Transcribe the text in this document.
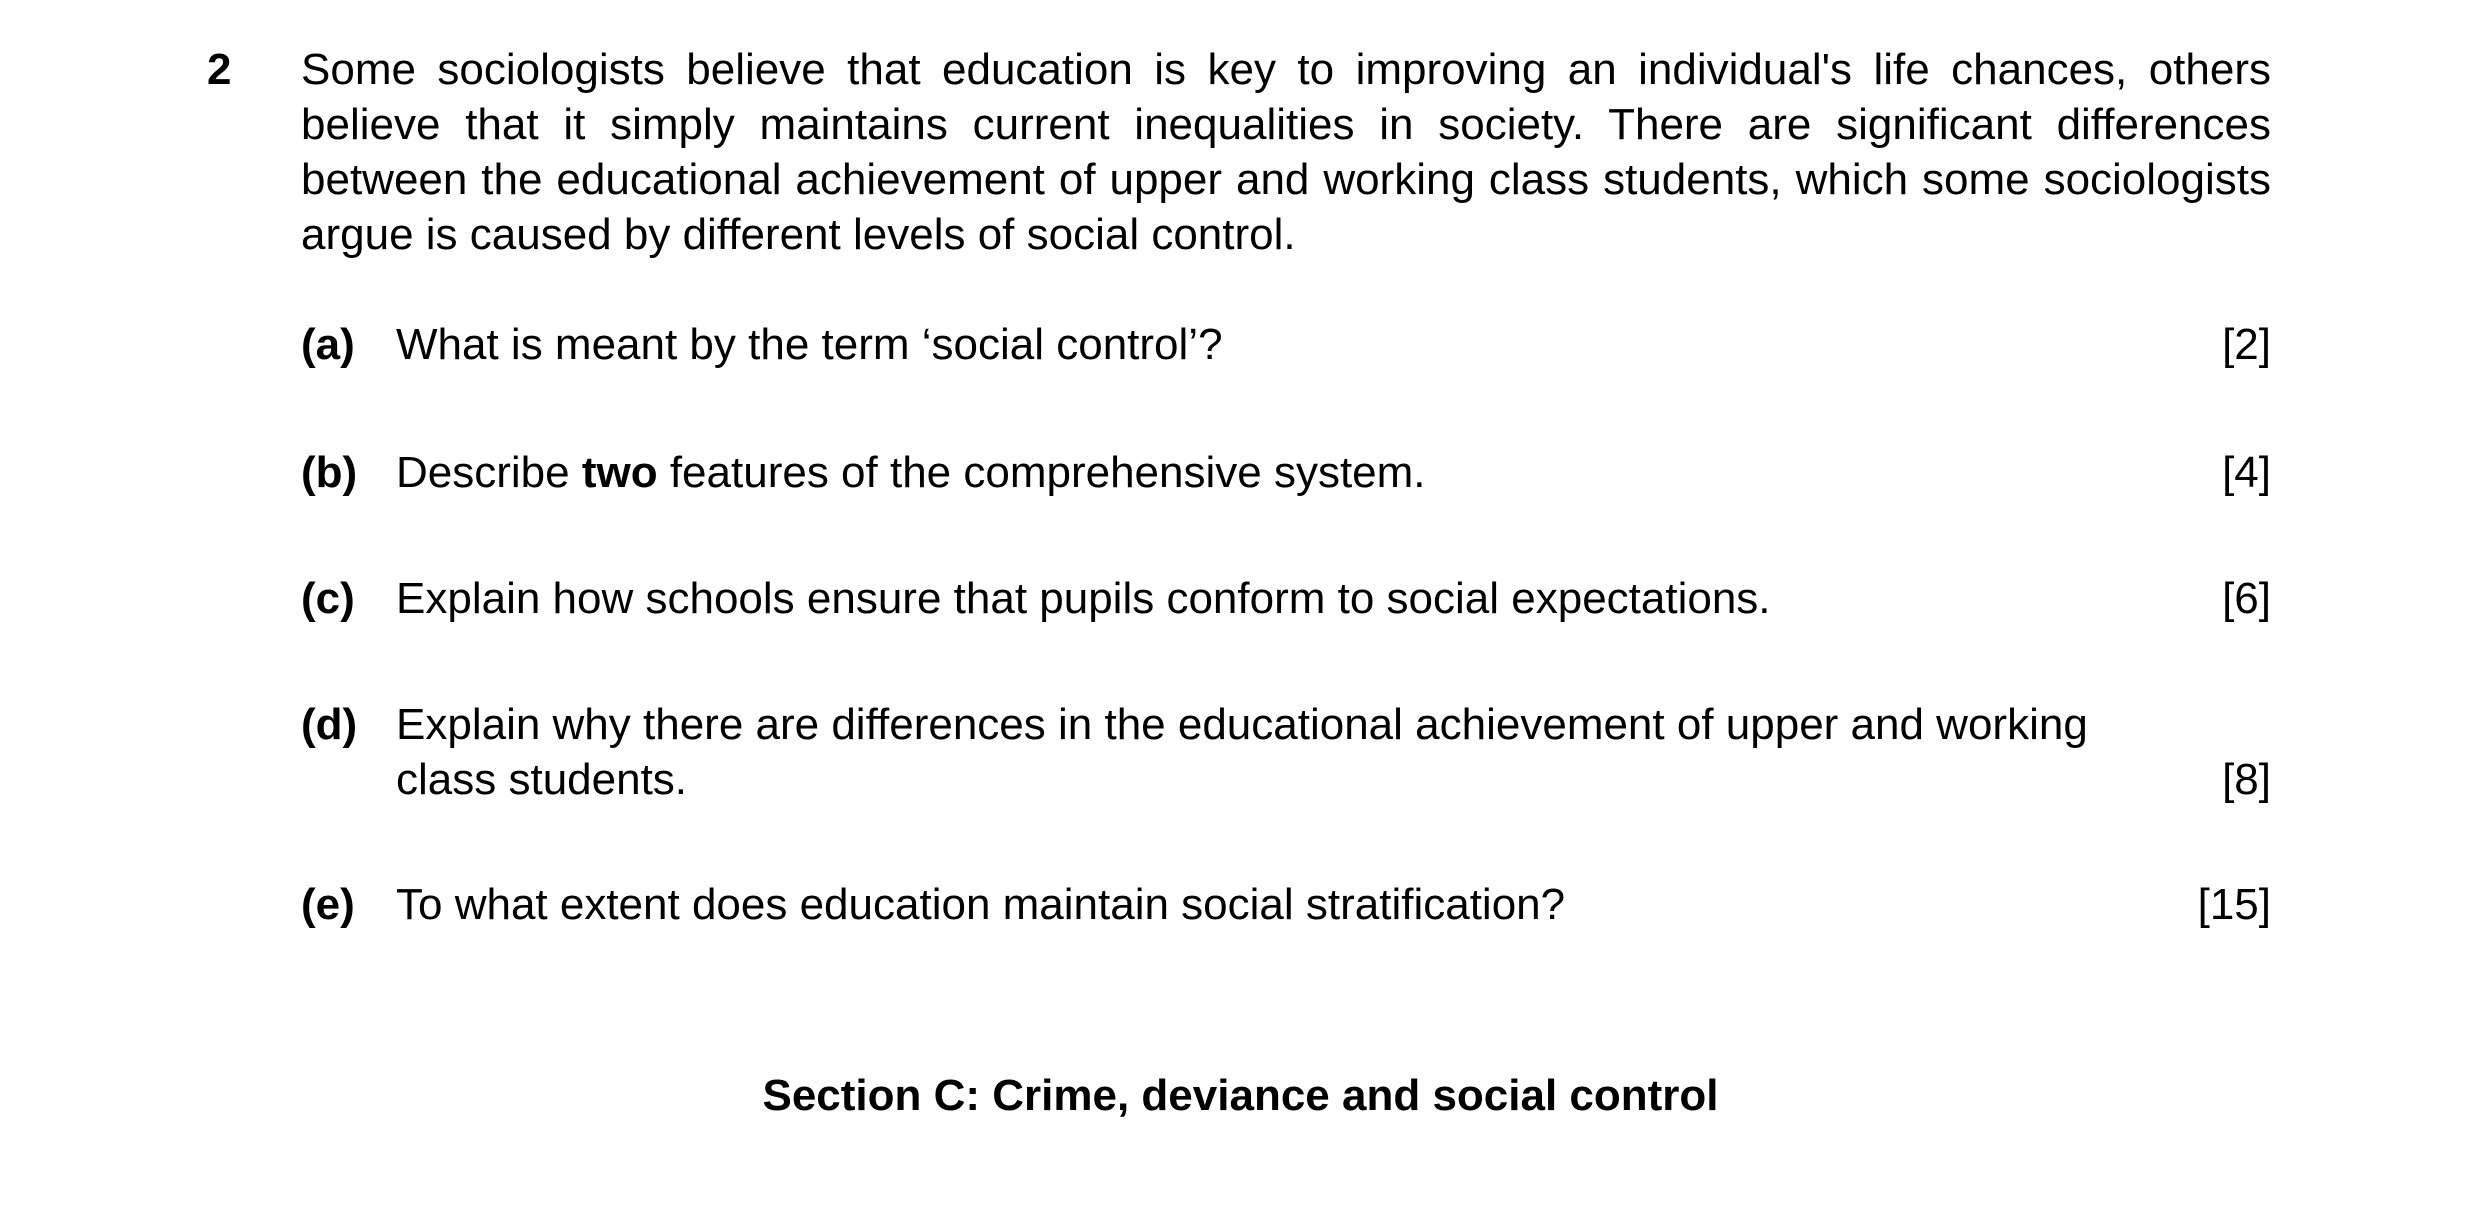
2 Some sociologists believe that education is key to improving an individual's life chances, others believe that it simply maintains current inequalities in society. There are significant differences between the educational achievement of upper and working class students, which some sociologists argue is caused by different levels of social control.
(a) What is meant by the term ‘social control’?	[2]
(b) Describe two features of the comprehensive system.	[4]
(c) Explain how schools ensure that pupils conform to social expectations.	[6]
(d) Explain why there are differences in the educational achievement of upper and working class students.	[8]
(e) To what extent does education maintain social stratification?	[15]
Section C: Crime, deviance and social control
